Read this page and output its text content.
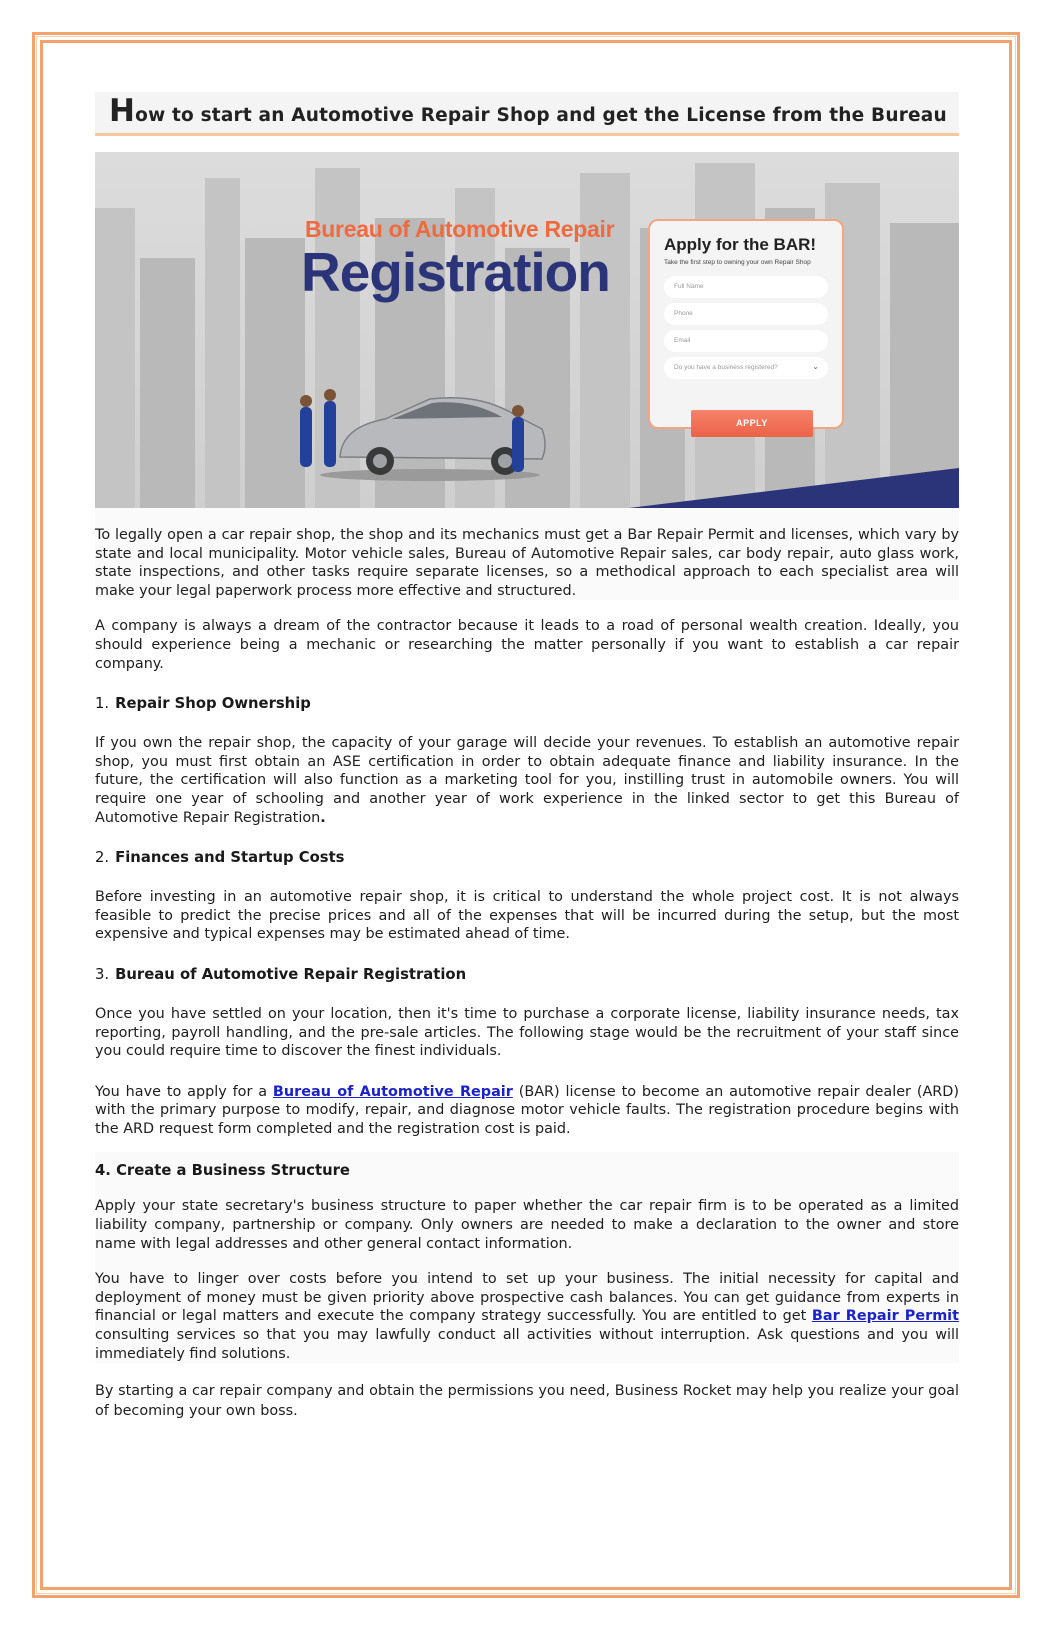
How to start an Automotive Repair Shop and get the License from the Bureau
Bureau of Automotive Repair
Registration	Apply for the BAR!
Take the first step to owning your own Repair Shop
Full Name
Phone
Email
Do you have a business registered?	⌄
APPLY

To legally open a car repair shop, the shop and its mechanics must get a Bar Repair Permit and licenses, which vary by state and local municipality. Motor vehicle sales, Bureau of Automotive Repair sales, car body repair, auto glass work, state inspections, and other tasks require separate licenses, so a methodical approach to each specialist area will make your legal paperwork process more effective and structured.

A company is always a dream of the contractor because it leads to a road of personal wealth creation. Ideally, you should experience being a mechanic or researching the matter personally if you want to establish a car repair company.

1. Repair Shop Ownership

If you own the repair shop, the capacity of your garage will decide your revenues. To establish an automotive repair shop, you must first obtain an ASE certification in order to obtain adequate finance and liability insurance. In the future, the certification will also function as a marketing tool for you, instilling trust in automobile owners. You will require one year of schooling and another year of work experience in the linked sector to get this Bureau of Automotive Repair Registration.

2. Finances and Startup Costs

Before investing in an automotive repair shop, it is critical to understand the whole project cost. It is not always feasible to predict the precise prices and all of the expenses that will be incurred during the setup, but the most expensive and typical expenses may be estimated ahead of time.

3. Bureau of Automotive Repair Registration

Once you have settled on your location, then it's time to purchase a corporate license, liability insurance needs, tax reporting, payroll handling, and the pre-sale articles. The following stage would be the recruitment of your staff since you could require time to discover the finest individuals.

You have to apply for a Bureau of Automotive Repair (BAR) license to become an automotive repair dealer (ARD) with the primary purpose to modify, repair, and diagnose motor vehicle faults. The registration procedure begins with the ARD request form completed and the registration cost is paid.

4. Create a Business Structure

Apply your state secretary's business structure to paper whether the car repair firm is to be operated as a limited liability company, partnership or company. Only owners are needed to make a declaration to the owner and store name with legal addresses and other general contact information.

You have to linger over costs before you intend to set up your business. The initial necessity for capital and deployment of money must be given priority above prospective cash balances. You can get guidance from experts in financial or legal matters and execute the company strategy successfully. You are entitled to get Bar Repair Permit consulting services so that you may lawfully conduct all activities without interruption. Ask questions and you will immediately find solutions.

By starting a car repair company and obtain the permissions you need, Business Rocket may help you realize your goal of becoming your own boss.
